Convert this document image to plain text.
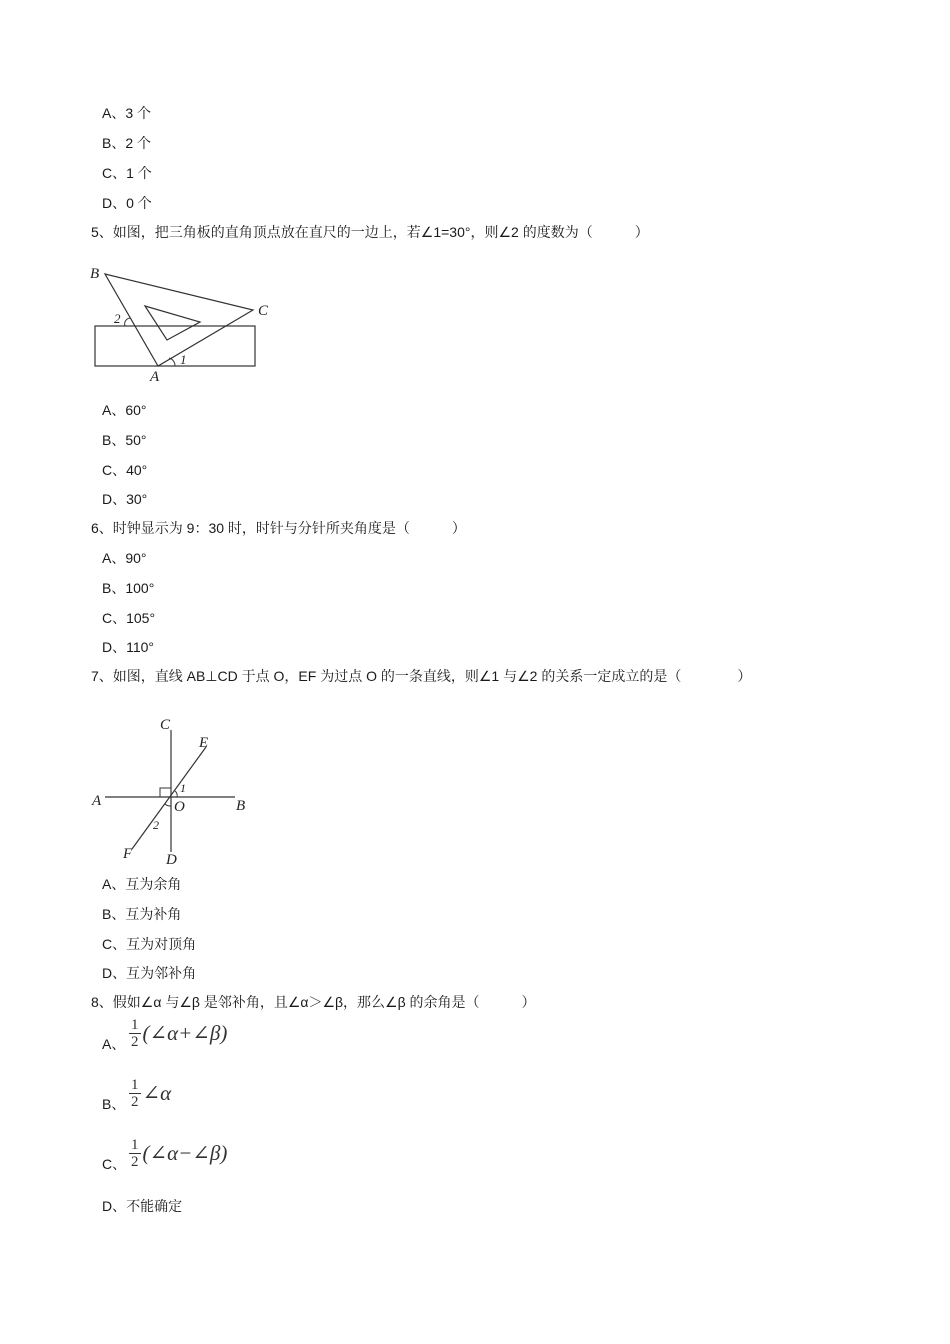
A、3 个
B、2 个
C、1 个
D、0 个
5、如图，把三角板的直角顶点放在直尺的一边上，若∠1=30°，则∠2 的度数为（　　　）
B
C
A
1
2
A、60°
B、50°
C、40°
D、30°
6、时钟显示为 9：30 时，时针与分针所夹角度是（　　　）
A、90°
B、100°
C、105°
D、110°
7、如图，直线 AB⊥CD 于点 O，EF 为过点 O 的一条直线，则∠1 与∠2 的关系一定成立的是（　　　　）
C
E
A	O	B
F D
1
2
A、互为余角
B、互为补角
C、互为对顶角
D、互为邻补角
8、假如∠α 与∠β 是邻补角，且∠α＞∠β，那么∠β 的余角是（　　　）
A、 $\frac{1}{2}$ (∠α+∠β)
B、 $\frac{1}{2}$ ∠α
C、 $\frac{1}{2}$ (∠α−∠β)
D、不能确定
